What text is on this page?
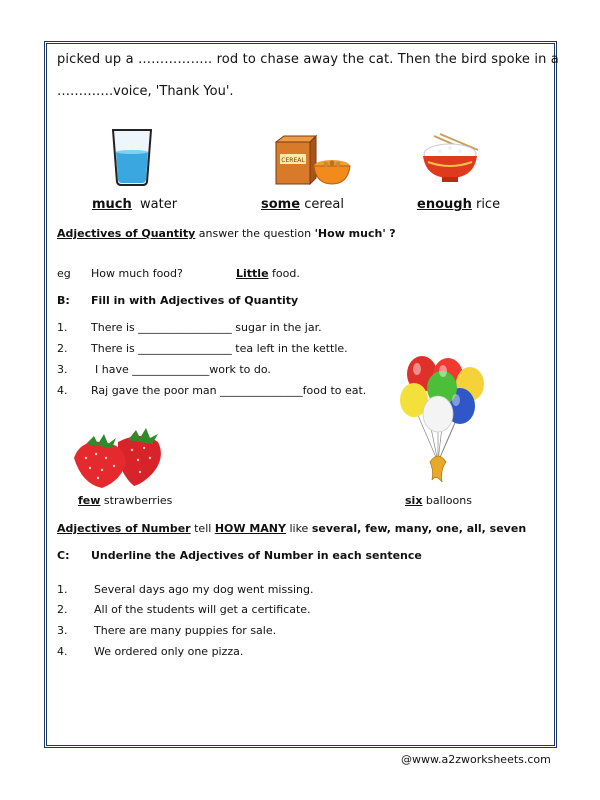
picked up a …………….. rod to chase away the cat. Then the bird spoke in a
………….voice, 'Thank You'.
CEREAL
much water	some cereal	enough rice
Adjectives of Quantity answer the question 'How much' ?
eg How much food?	Little food.
B: Fill in with Adjectives of Quantity
1. There is _________________ sugar in the jar.
2. There is _________________ tea left in the kettle.
3.	I have ______________work to do.
4. Raj gave the poor man _______________food to eat.
few strawberries	six balloons
Adjectives of Number tell HOW MANY like several, few, many, one, all, seven
C: Underline the Adjectives of Number in each sentence
1. Several days ago my dog went missing.
2. All of the students will get a certificate.
3. There are many puppies for sale.
4. We ordered only one pizza.
@www.a2zworksheets.com
